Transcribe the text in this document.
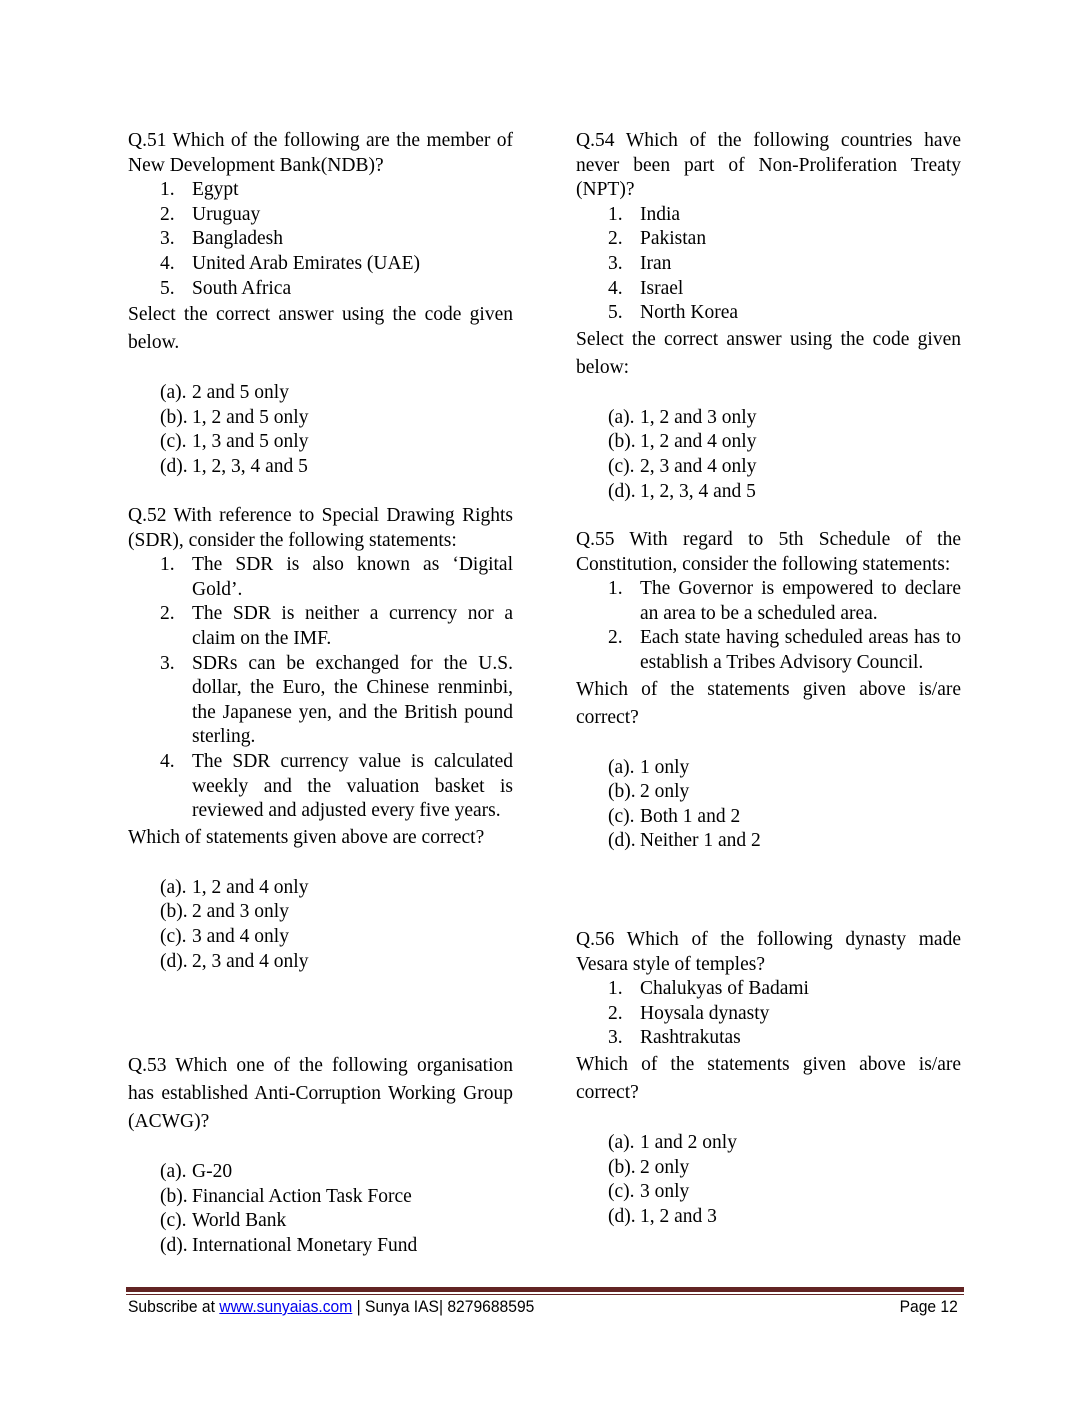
Q.51 Which of the following are the member of New Development Bank(NDB)?
1. Egypt
2. Uruguay
3. Bangladesh
4. United Arab Emirates (UAE)
5. South Africa
Select the correct answer using the code given below.
(a). 2 and 5 only
(b). 1, 2 and 5 only
(c). 1, 3 and 5 only
(d). 1, 2, 3, 4 and 5
Q.52 With reference to Special Drawing Rights (SDR), consider the following statements:
1. The SDR is also known as ‘Digital Gold’.
2. The SDR is neither a currency nor a claim on the IMF.
3. SDRs can be exchanged for the U.S. dollar, the Euro, the Chinese renminbi, the Japanese yen, and the British pound sterling.
4. The SDR currency value is calculated weekly and the valuation basket is reviewed and adjusted every five years.
Which of statements given above are correct?
(a). 1, 2 and 4 only
(b). 2 and 3 only
(c). 3 and 4 only
(d). 2, 3 and 4 only
Q.53 Which one of the following organisation has established Anti-Corruption Working Group (ACWG)?
(a). G-20
(b). Financial Action Task Force
(c). World Bank
(d). International Monetary Fund
Q.54 Which of the following countries have never been part of Non-Proliferation Treaty (NPT)?
1. India
2. Pakistan
3. Iran
4. Israel
5. North Korea
Select the correct answer using the code given below:
(a). 1, 2 and 3 only
(b). 1, 2 and 4 only
(c). 2, 3 and 4 only
(d). 1, 2, 3, 4 and 5
Q.55 With regard to 5th Schedule of the Constitution, consider the following statements:
1. The Governor is empowered to declare an area to be a scheduled area.
2. Each state having scheduled areas has to establish a Tribes Advisory Council.
Which of the statements given above is/are correct?
(a). 1 only
(b). 2 only
(c). Both 1 and 2
(d). Neither 1 and 2
Q.56 Which of the following dynasty made Vesara style of temples?
1. Chalukyas of Badami
2. Hoysala dynasty
3. Rashtrakutas
Which of the statements given above is/are correct?
(a). 1 and 2 only
(b). 2 only
(c). 3 only
(d). 1, 2 and 3
Subscribe at www.sunyaias.com | Sunya IAS| 8279688595	Page 12
